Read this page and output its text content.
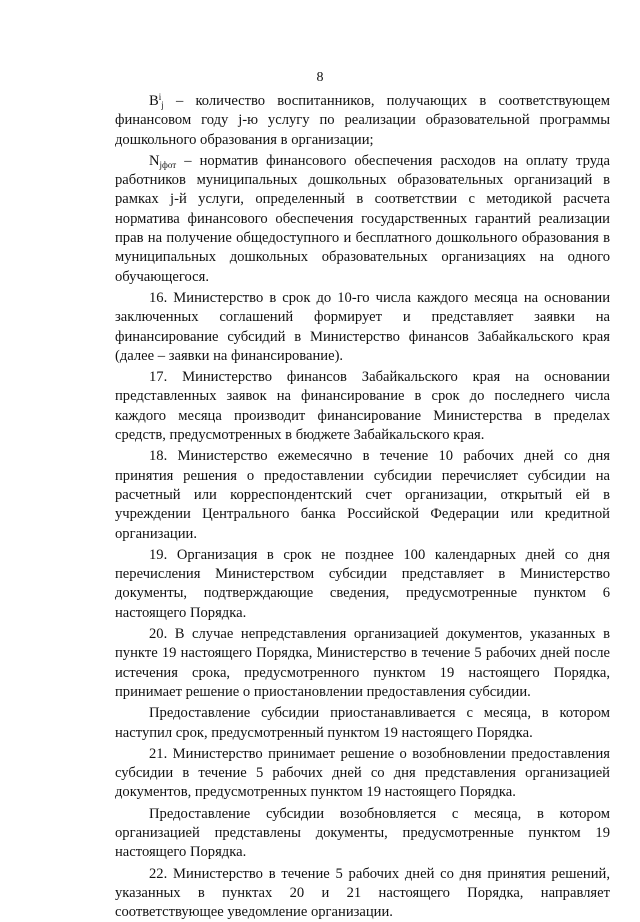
8

$B^i_j$ – количество воспитанников, получающих в соответствующем финансовом году j-ю услугу по реализации образовательной программы дошкольного образования в организации;

$N_{jфот}$ – норматив финансового обеспечения расходов на оплату труда работников муниципальных дошкольных образовательных организаций в рамках j-й услуги, определенный в соответствии с методикой расчета норматива финансового обеспечения государственных гарантий реализации прав на получение общедоступного и бесплатного дошкольного образования в муниципальных дошкольных образовательных организациях на одного обучающегося.

16. Министерство в срок до 10-го числа каждого месяца на основании заключенных соглашений формирует и представляет заявки на финансирование субсидий в Министерство финансов Забайкальского края (далее – заявки на финансирование).

17. Министерство финансов Забайкальского края на основании представленных заявок на финансирование в срок до последнего числа каждого месяца производит финансирование Министерства в пределах средств, предусмотренных в бюджете Забайкальского края.

18. Министерство ежемесячно в течение 10 рабочих дней со дня принятия решения о предоставлении субсидии перечисляет субсидии на расчетный или корреспондентский счет организации, открытый ей в учреждении Центрального банка Российской Федерации или кредитной организации.

19. Организация в срок не позднее 100 календарных дней со дня перечисления Министерством субсидии представляет в Министерство документы, подтверждающие сведения, предусмотренные пунктом 6 настоящего Порядка.

20. В случае непредставления организацией документов, указанных в пункте 19 настоящего Порядка, Министерство в течение 5 рабочих дней после истечения срока, предусмотренного пунктом 19 настоящего Порядка, принимает решение о приостановлении предоставления субсидии.

Предоставление субсидии приостанавливается с месяца, в котором наступил срок, предусмотренный пунктом 19 настоящего Порядка.

21. Министерство принимает решение о возобновлении предоставления субсидии в течение 5 рабочих дней со дня представления организацией документов, предусмотренных пунктом 19 настоящего Порядка.

Предоставление субсидии возобновляется с месяца, в котором организацией представлены документы, предусмотренные пунктом 19 настоящего Порядка.

22. Министерство в течение 5 рабочих дней со дня принятия решений, указанных в пунктах 20 и 21 настоящего Порядка, направляет соответствующее уведомление организации.
